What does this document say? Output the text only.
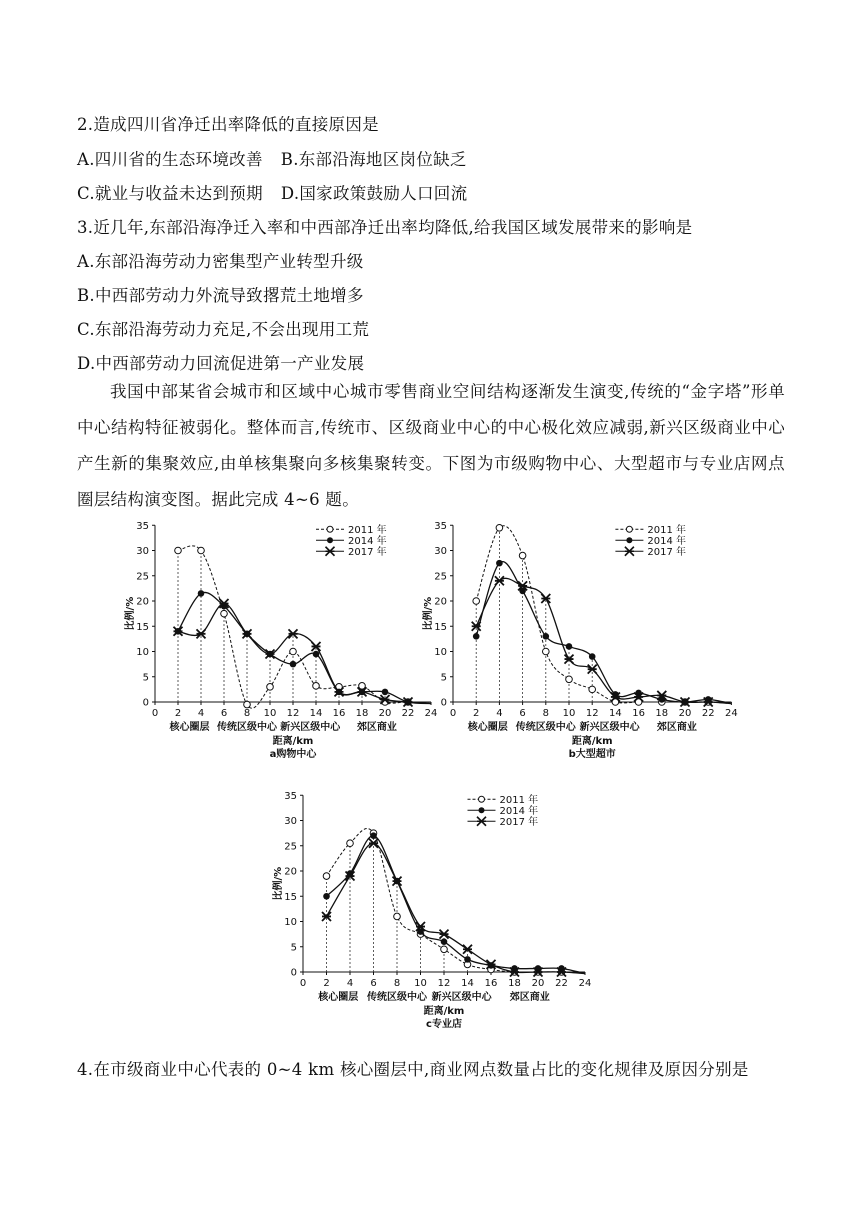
2.造成四川省净迁出率降低的直接原因是
A.四川省的生态环境改善 B.东部沿海地区岗位缺乏
C.就业与收益未达到预期 D.国家政策鼓励人口回流
3.近几年,东部沿海净迁入率和中西部净迁出率均降低,给我国区域发展带来的影响是
A.东部沿海劳动力密集型产业转型升级
B.中西部劳动力外流导致撂荒土地增多
C.东部沿海劳动力充足,不会出现用工荒
D.中西部劳动力回流促进第一产业发展
我国中部某省会城市和区域中心城市零售商业空间结构逐渐发生演变,传统的“金字塔”形单中心结构特征被弱化。整体而言,传统市、区级商业中心的中心极化效应减弱,新兴区级商业中心产生新的集聚效应,由单核集聚向多核集聚转变。下图为市级购物中心、大型超市与专业店网点圈层结构演变图。据此完成 4~6 题。
0
5
10
15
20
25
30
35
0 2 4 6 8 10 12 14 16 18 20 22 24
核心圈层 传统区级中心 新兴区级中心 郊区商业
距离/km
a购物中心
比例/%
2011 年
2014 年
2017 年
0
5
10
15
20
25
30
35
0 2 4 6 8 10 12 14 16 18 20 22 24
核心圈层 传统区级中心 新兴区级中心 郊区商业
距离/km
b大型超市
比例/%
2011 年
2014 年
2017 年
0
5
10
15
20
25
30
35
0 2 4 6 8 10 12 14 16 18 20 22 24
核心圈层 传统区级中心 新兴区级中心 郊区商业
距离/km
c专业店
比例/%
2011 年
2014 年
2017 年
4.在市级商业中心代表的 0~4 km 核心圈层中,商业网点数量占比的变化规律及原因分别是
